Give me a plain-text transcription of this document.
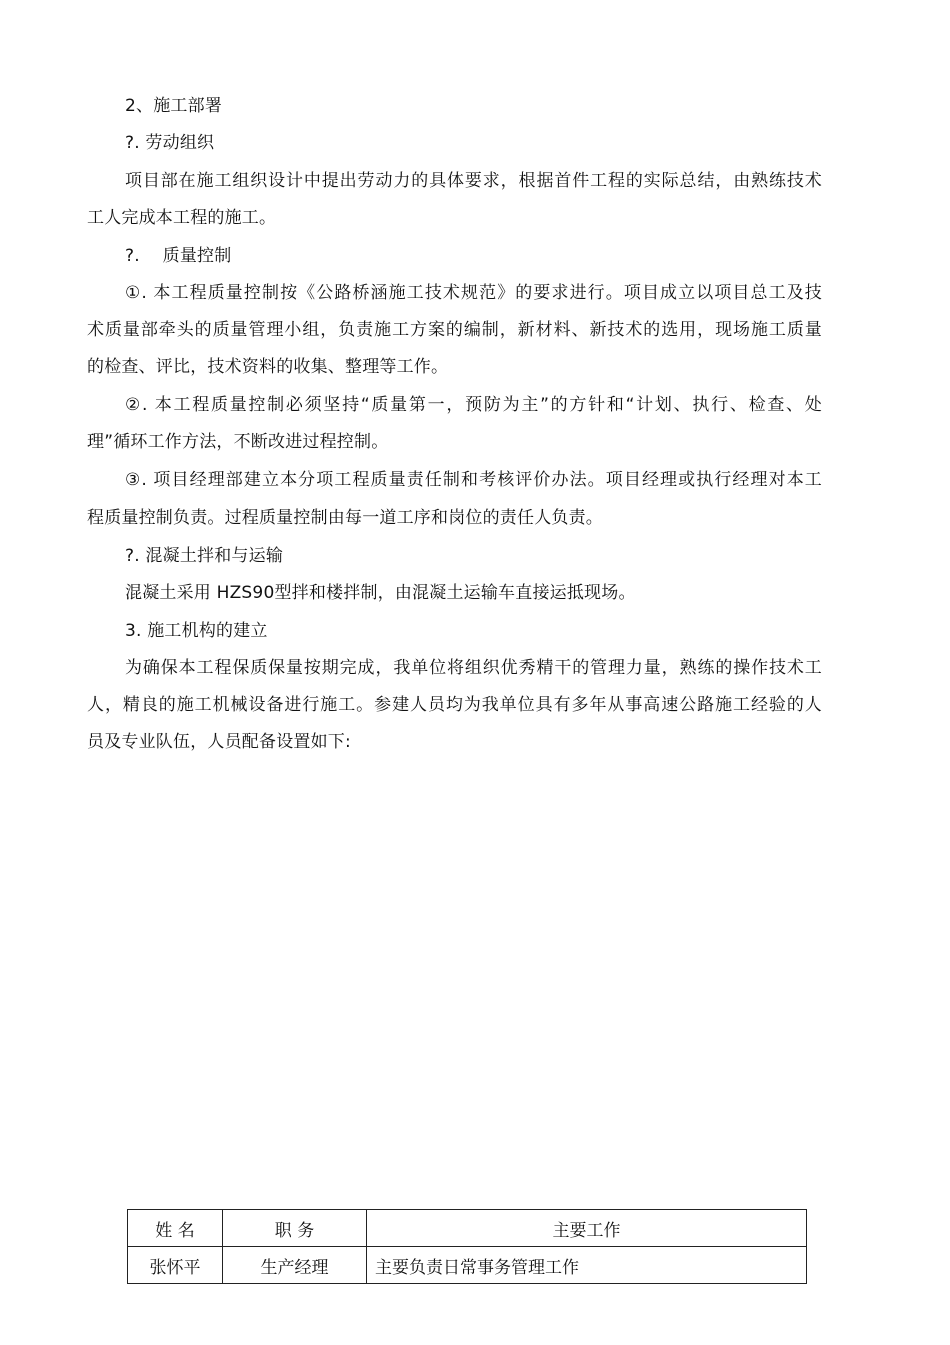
2、施工部署
?. 劳动组织
项目部在施工组织设计中提出劳动力的具体要求，根据首件工程的实际总结，由熟练技术
工人完成本工程的施工。
?.　 质量控制
①. 本工程质量控制按《公路桥涵施工技术规范》的要求进行。项目成立以项目总工及技
术质量部牵头的质量管理小组，负责施工方案的编制，新材料、新技术的选用，现场施工质量
的检查、评比，技术资料的收集、整理等工作。
②. 本工程质量控制必须坚持“质量第一，预防为主”的方针和“计划、执行、检查、处
理”循环工作方法，不断改进过程控制。
③. 项目经理部建立本分项工程质量责任制和考核评价办法。项目经理或执行经理对本工
程质量控制负责。过程质量控制由每一道工序和岗位的责任人负责。
?. 混凝土拌和与运输
混凝土采用 HZS90型拌和楼拌制，由混凝土运输车直接运抵现场。
3. 施工机构的建立
为确保本工程保质保量按期完成，我单位将组织优秀精干的管理力量，熟练的操作技术工
人，精良的施工机械设备进行施工。参建人员均为我单位具有多年从事高速公路施工经验的人
员及专业队伍，人员配备设置如下:
姓 名	职 务	主要工作
张怀平	生产经理	主要负责日常事务管理工作
